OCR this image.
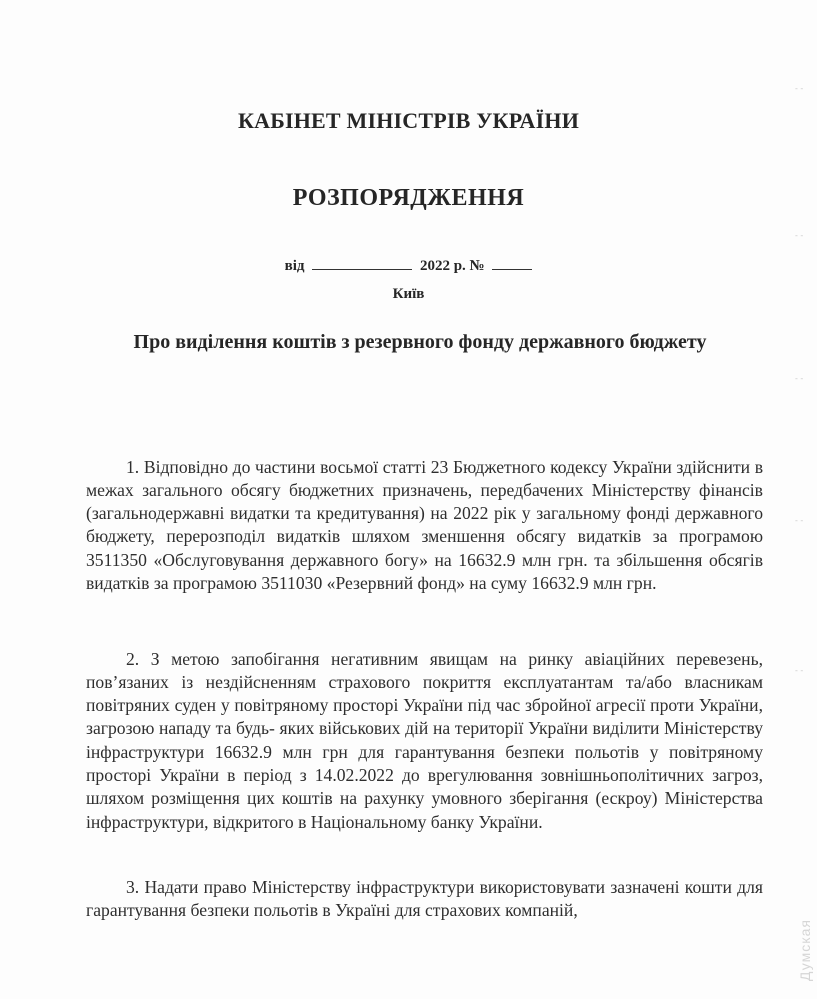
КАБІНЕТ МІНІСТРІВ УКРАЇНИ
РОЗПОРЯДЖЕННЯ
від	2022 р. №
Київ
Про виділення коштів з резервного фонду державного бюджету

1. Відповідно до частини восьмої статті 23 Бюджетного кодексу України здійснити в межах загального обсягу бюджетних призначень, передбачених Міністерству фінансів (загальнодержавні видатки та кредитування) на 2022 рік у загальному фонді державного бюджету, перерозподіл видатків шляхом зменшення обсягу видатків за програмою 3511350 «Обслуговування державного богу» на 16632.9 млн грн. та збільшення обсягів видатків за програмою 3511030 «Резервний фонд» на суму 16632.9 млн грн.

2. З метою запобігання негативним явищам на ринку авіаційних перевезень, пов’язаних із нездійсненням страхового покриття експлуатантам та/або власникам повітряних суден у повітряному просторі України під час збройної агресії проти України, загрозою нападу та будь- яких військових дій на території України виділити Міністерству інфраструктури 16632.9 млн грн для гарантування безпеки польотів у повітряному просторі України в період з 14.02.2022 до врегулювання зовнішньополітичних загроз, шляхом розміщення цих коштів на рахунку умовного зберігання (ескроу) Міністерства інфраструктури, відкритого в Національному банку України.

3. Надати право Міністерству інфраструктури використовувати зазначені кошти для гарантування безпеки польотів в Україні для страхових компаній,

- -
- -
- -
- -
- -
Думская
